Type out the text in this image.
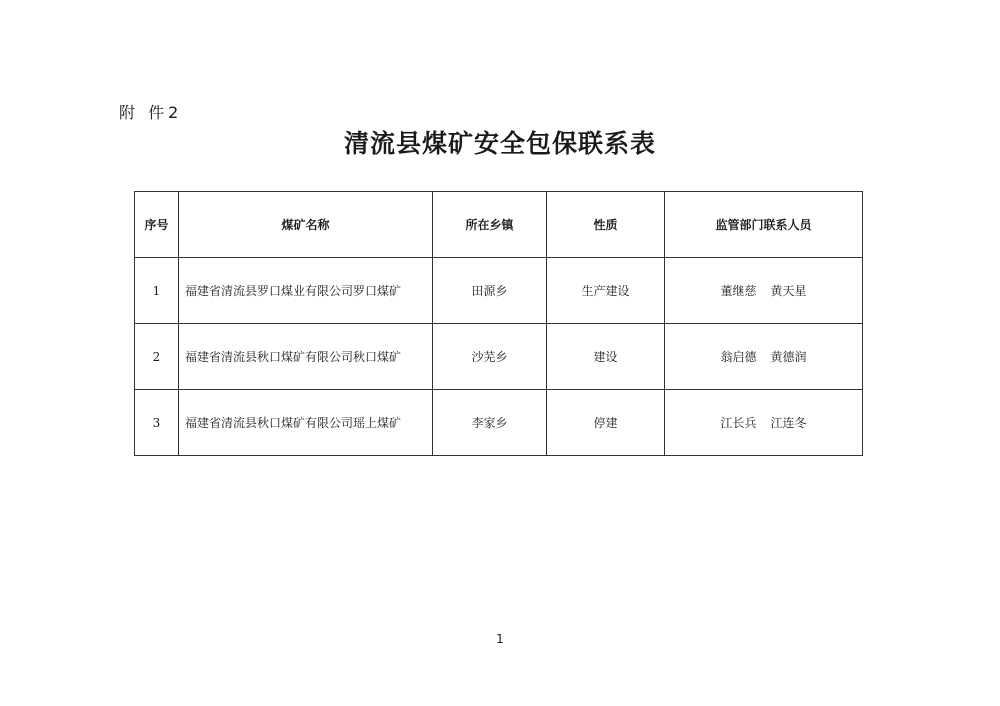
附 件2
清流县煤矿安全包保联系表
序号	煤矿名称	所在乡镇	性质	监管部门联系人员
1	福建省清流县罗口煤业有限公司罗口煤矿	田源乡	生产建设	董继慈 黄天星
2	福建省清流县秋口煤矿有限公司秋口煤矿	沙芜乡	建设	翁启德 黄德润
3	福建省清流县秋口煤矿有限公司瑶上煤矿	李家乡	停建	江长兵 江连冬
1
